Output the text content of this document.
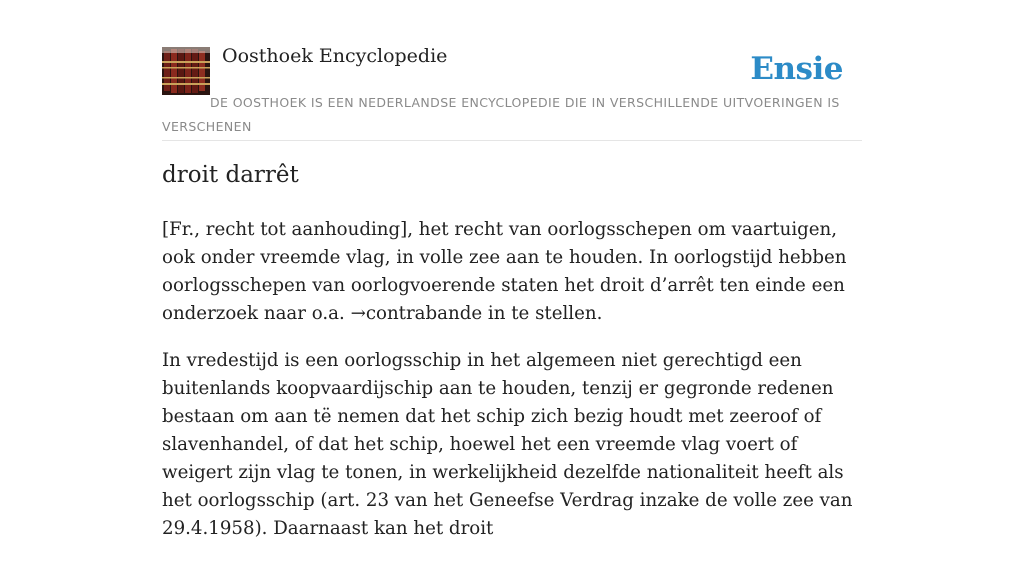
Oosthoek Encyclopedie	Ensie
DE OOSTHOEK IS EEN NEDERLANDSE ENCYCLOPEDIE DIE IN VERSCHILLENDE UITVOERINGEN IS VERSCHENEN
droit darrêt

[Fr., recht tot aanhouding], het recht van oorlogsschepen om vaartuigen, ook onder vreemde vlag, in volle zee aan te houden. In oorlogstijd hebben oorlogsschepen van oorlogvoerende staten het droit d’arrêt ten einde een onderzoek naar o.a. →contrabande in te stellen.

In vredestijd is een oorlogsschip in het algemeen niet gerechtigd een buitenlands koopvaardijschip aan te houden, tenzij er gegronde redenen bestaan om aan të nemen dat het schip zich bezig houdt met zeeroof of slavenhandel, of dat het schip, hoewel het een vreemde vlag voert of weigert zijn vlag te tonen, in werkelijkheid dezelfde nationaliteit heeft als het oorlogsschip (art. 23 van het Geneefse Verdrag inzake de volle zee van 29.4.1958). Daarnaast kan het droit
